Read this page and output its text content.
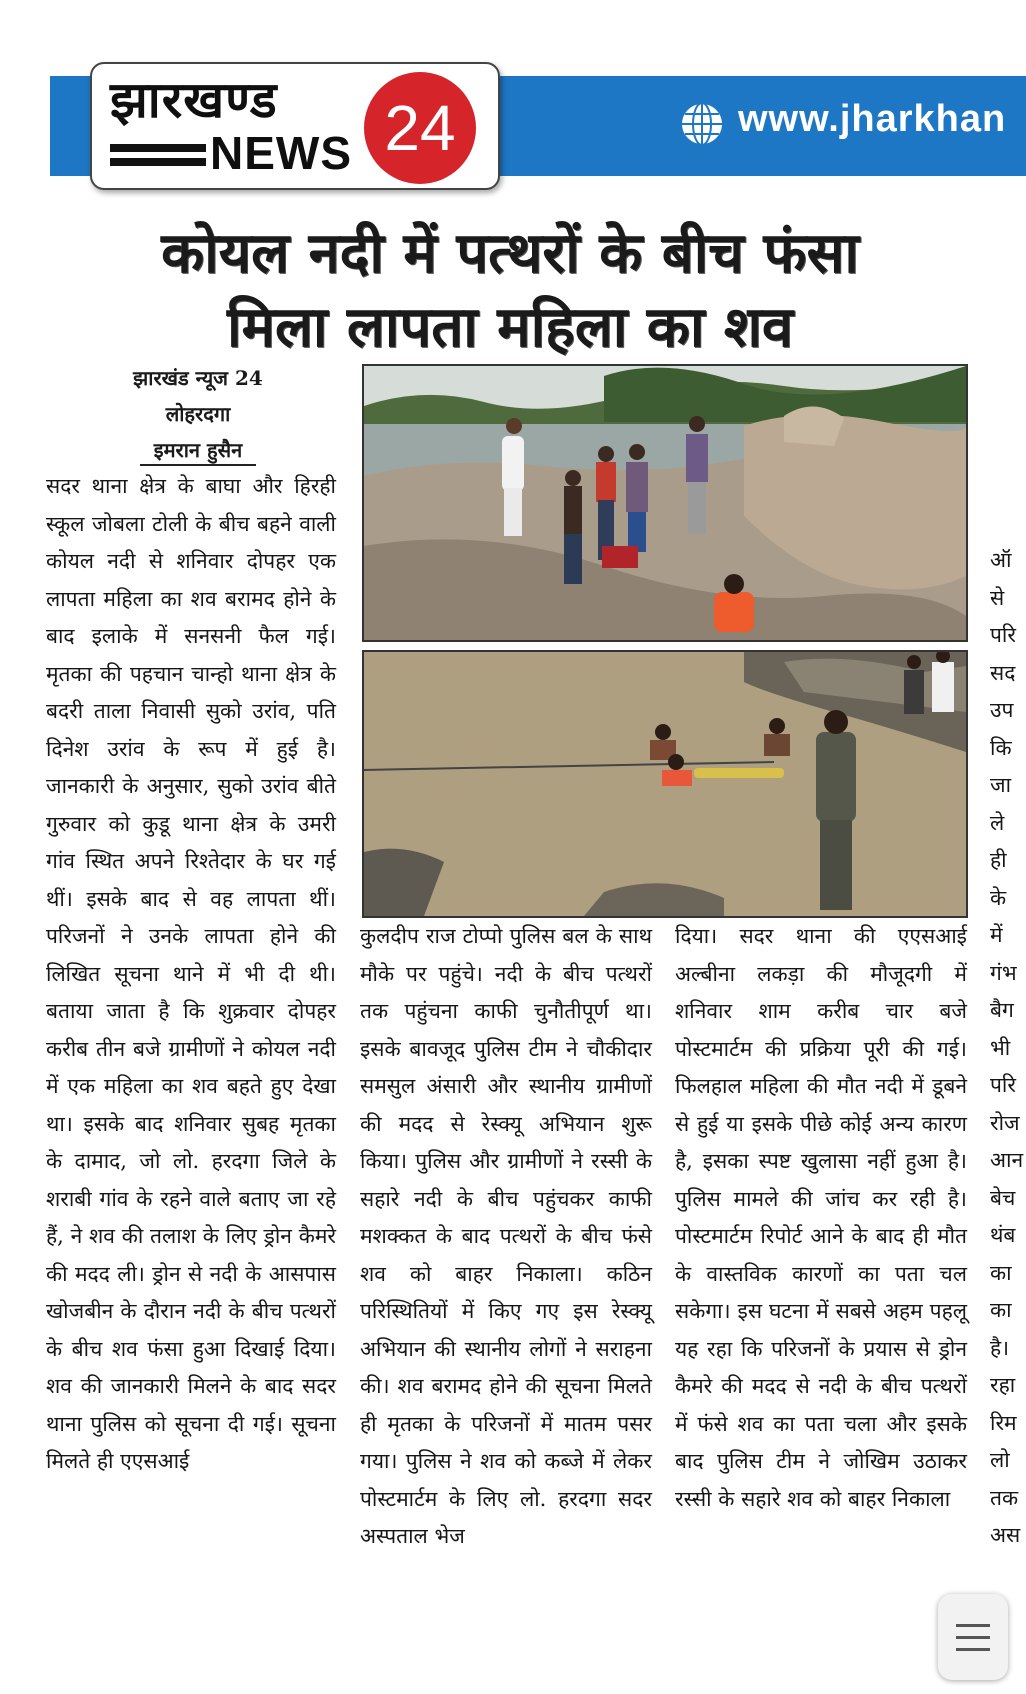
झारखण्ड
NEWS 24	www.jharkhan
कोयल नदी में पत्थरों के बीच फंसा
मिला लापता महिला का शव
झारखंड न्यूज 24
लोहरदगा
इमरान हुसैन
सदर थाना क्षेत्र के बाघा और हिरही स्कूल जोबला टोली के बीच बहने वाली कोयल नदी से शनिवार दोपहर एक लापता महिला का शव बरामद होने के बाद इलाके में सनसनी फैल गई। मृतका की पहचान चान्हो थाना क्षेत्र के बदरी ताला निवासी सुको उरांव, पति दिनेश उरांव के रूप में हुई है। जानकारी के अनुसार, सुको उरांव बीते गुरुवार को कुडू थाना क्षेत्र के उमरी गांव स्थित अपने रिश्तेदार के घर गई थीं। इसके बाद से वह लापता थीं। परिजनों ने उनके लापता होने की लिखित सूचना थाने में भी दी थी। बताया जाता है कि शुक्रवार दोपहर करीब तीन बजे ग्रामीणों ने कोयल नदी में एक महिला का शव बहते हुए देखा था। इसके बाद शनिवार सुबह मृतका के दामाद, जो लो. हरदगा जिले के शराबी गांव के रहने वाले बताए जा रहे हैं, ने शव की तलाश के लिए ड्रोन कैमरे की मदद ली। ड्रोन से नदी के आसपास खोजबीन के दौरान नदी के बीच पत्थरों के बीच शव फंसा हुआ दिखाई दिया। शव की जानकारी मिलने के बाद सदर थाना पुलिस को सूचना दी गई। सूचना मिलते ही एएसआई
कुलदीप राज टोप्पो पुलिस बल के साथ मौके पर पहुंचे। नदी के बीच पत्थरों तक पहुंचना काफी चुनौतीपूर्ण था। इसके बावजूद पुलिस टीम ने चौकीदार समसुल अंसारी और स्थानीय ग्रामीणों की मदद से रेस्क्यू अभियान शुरू किया। पुलिस और ग्रामीणों ने रस्सी के सहारे नदी के बीच पहुंचकर काफी मशक्कत के बाद पत्थरों के बीच फंसे शव को बाहर निकाला। कठिन परिस्थितियों में किए गए इस रेस्क्यू अभियान की स्थानीय लोगों ने सराहना की। शव बरामद होने की सूचना मिलते ही मृतका के परिजनों में मातम पसर गया। पुलिस ने शव को कब्जे में लेकर पोस्टमार्टम के लिए लो. हरदगा सदर अस्पताल भेज
दिया। सदर थाना की एएसआई अल्बीना लकड़ा की मौजूदगी में शनिवार शाम करीब चार बजे पोस्टमार्टम की प्रक्रिया पूरी की गई। फिलहाल महिला की मौत नदी में डूबने से हुई या इसके पीछे कोई अन्य कारण है, इसका स्पष्ट खुलासा नहीं हुआ है। पुलिस मामले की जांच कर रही है। पोस्टमार्टम रिपोर्ट आने के बाद ही मौत के वास्तविक कारणों का पता चल सकेगा। इस घटना में सबसे अहम पहलू यह रहा कि परिजनों के प्रयास से ड्रोन कैमरे की मदद से नदी के बीच पत्थरों में फंसे शव का पता चला और इसके बाद पुलिस टीम ने जोखिम उठाकर रस्सी के सहारे शव को बाहर निकाला
ऑ
से
परि
सद
उप
कि
जा
ले
ही
के
में
गंभ
बैग
भी
परि
रोज
आन
बेच
थंब
का
का
है।
रहा
रिम
लो
तक
अस
